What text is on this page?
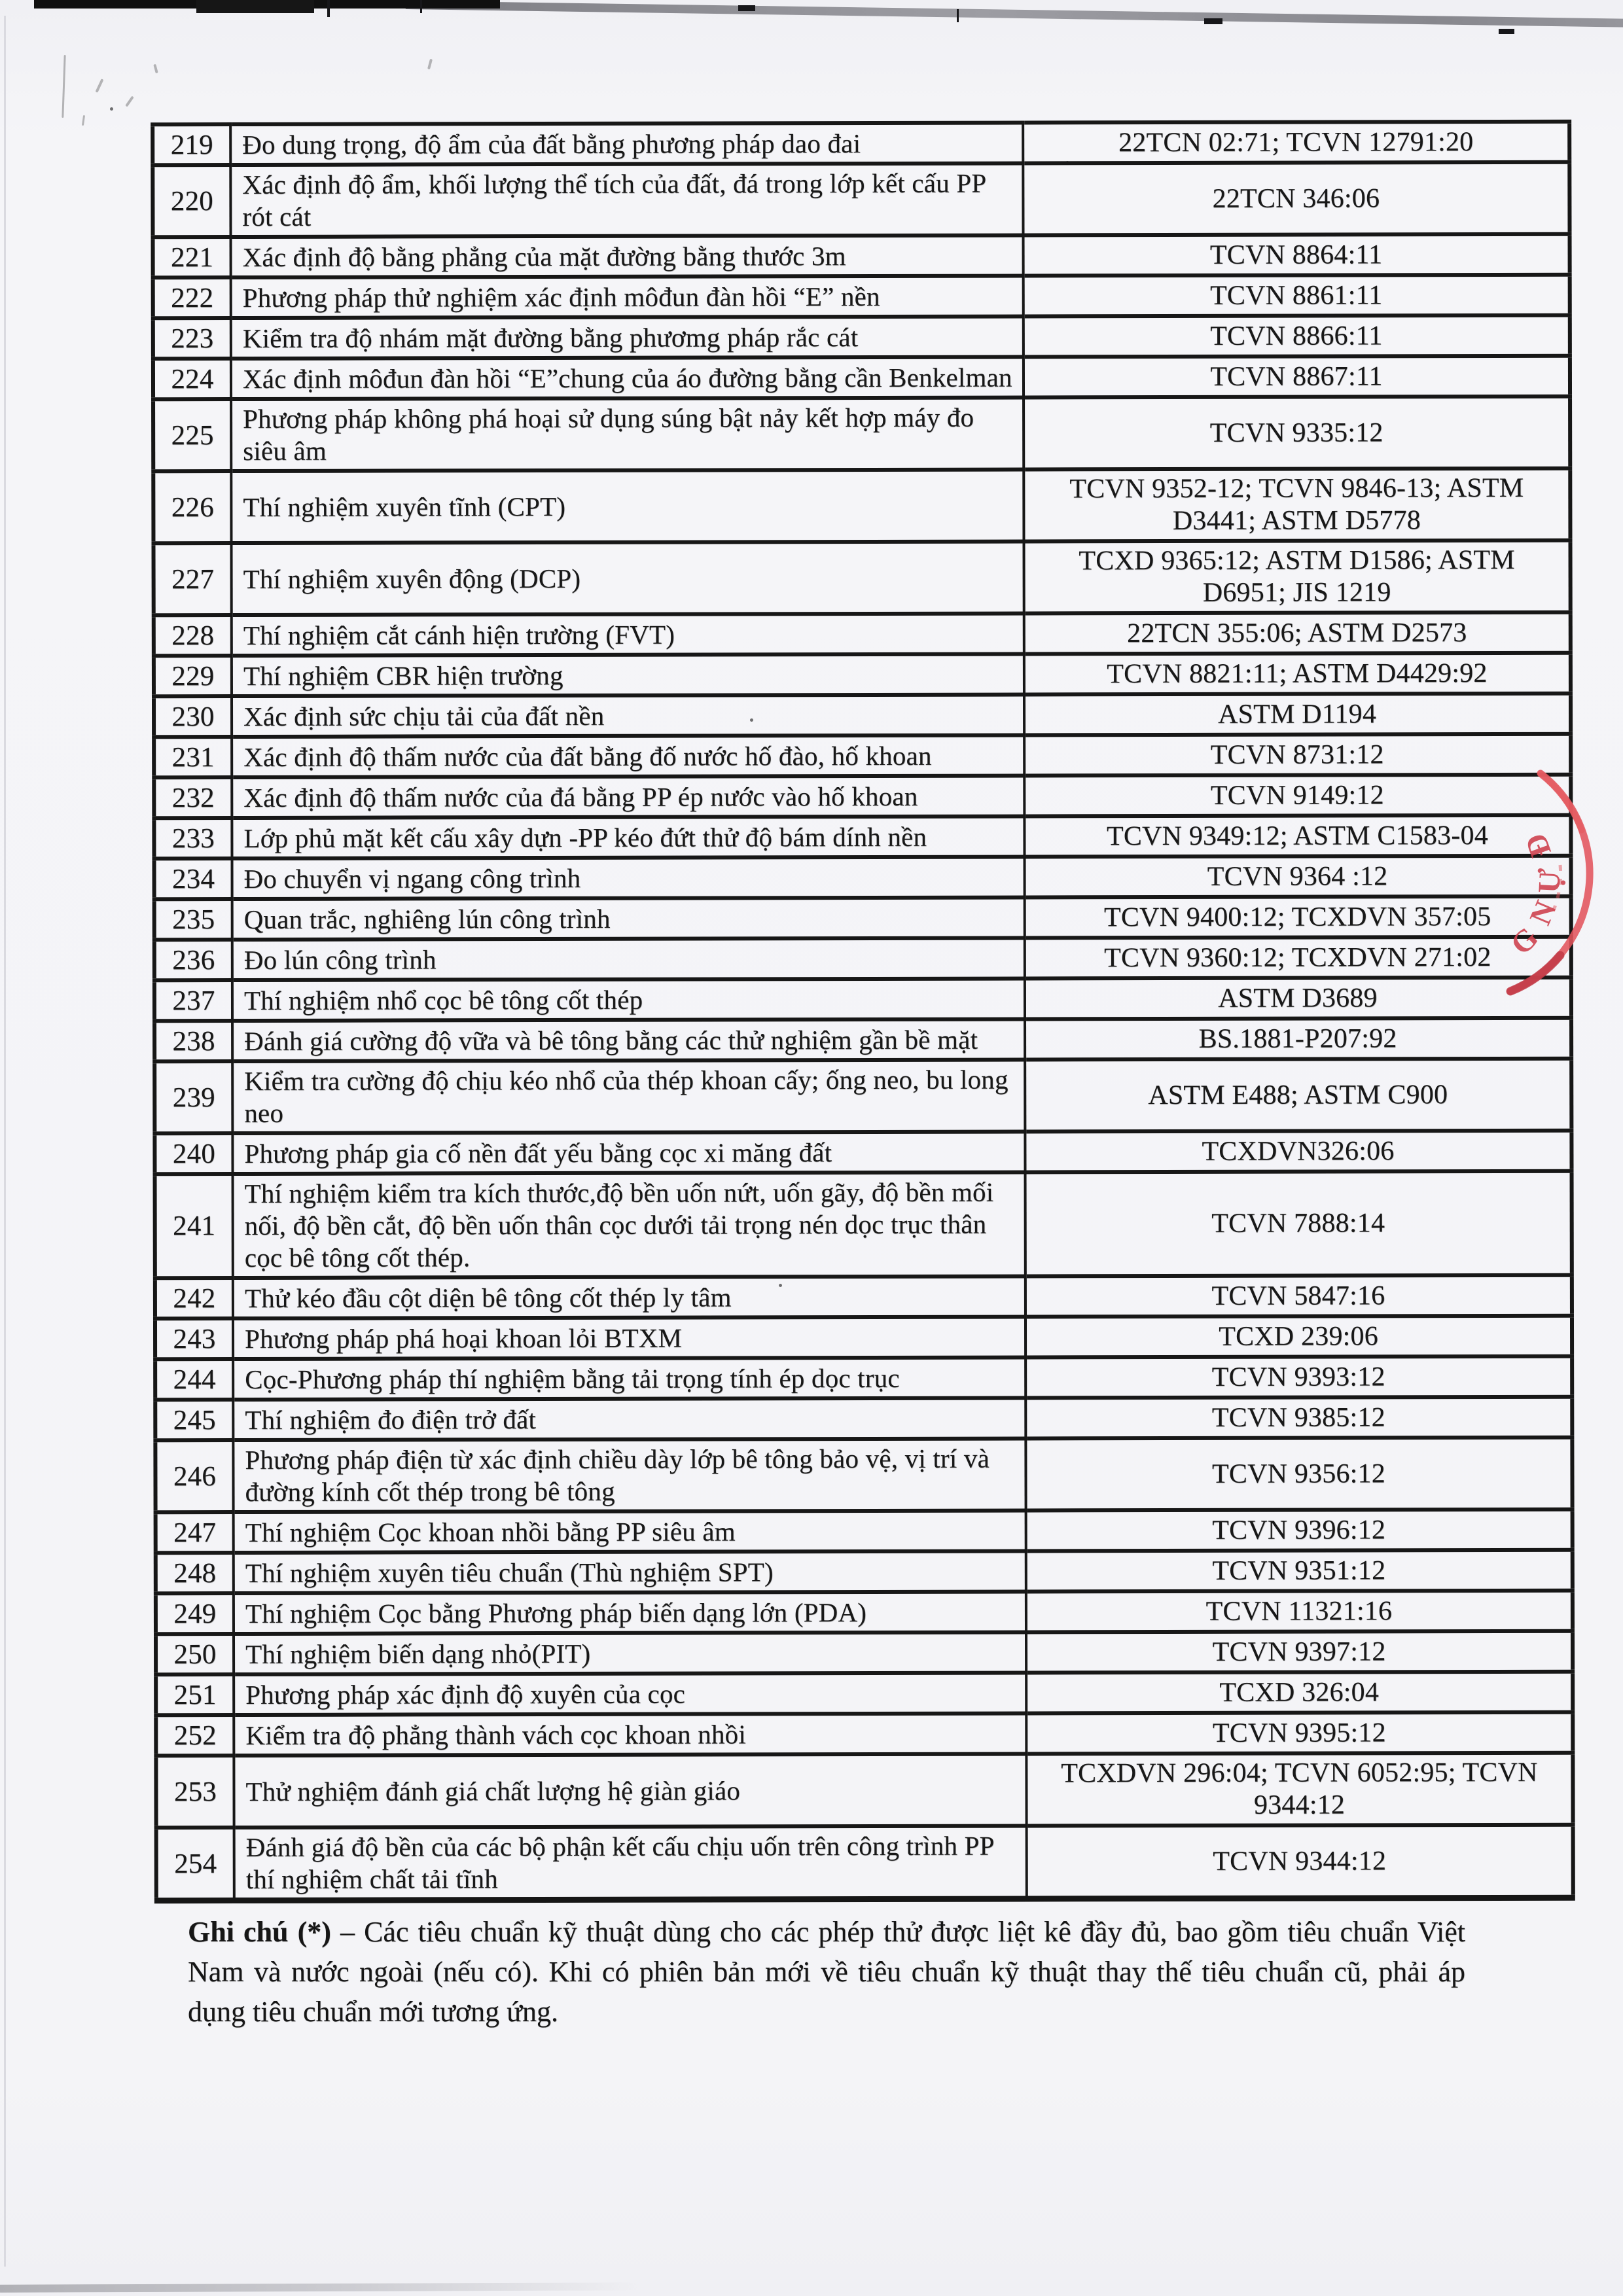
219	Đo dung trọng, độ ẩm của đất bằng phương pháp dao đai	22TCN 02:71; TCVN 12791:20
220	Xác định độ ẩm, khối lượng thể tích của đất, đá trong lớp kết cấu PP rót cát	22TCN 346:06
221	Xác định độ bằng phẳng của mặt đường bằng thước 3m	TCVN 8864:11
222	Phương pháp thử nghiệm xác định môđun đàn hồi “E” nền	TCVN 8861:11
223	Kiểm tra độ nhám mặt đường bằng phươmg pháp rắc cát	TCVN 8866:11
224	Xác định môđun đàn hồi “E”chung của áo đường bằng cần Benkelman	TCVN 8867:11
225	Phương pháp không phá hoại sử dụng súng bật nảy kết hợp máy đo siêu âm	TCVN 9335:12
226	Thí nghiệm xuyên tĩnh (CPT)	TCVN 9352-12; TCVN 9846-13; ASTM D3441; ASTM D5778
227	Thí nghiệm xuyên động (DCP)	TCXD 9365:12; ASTM D1586; ASTM D6951; JIS 1219
228	Thí nghiệm cắt cánh hiện trường (FVT)	22TCN 355:06; ASTM D2573
229	Thí nghiệm CBR hiện trường	TCVN 8821:11; ASTM D4429:92
230	Xác định sức chịu tải của đất nền	ASTM D1194
231	Xác định độ thấm nước của đất bằng đố nước hố đào, hố khoan	TCVN 8731:12
232	Xác định độ thấm nước của đá bằng PP ép nước vào hố khoan	TCVN 9149:12
233	Lớp phủ mặt kết cấu xây dựn -PP kéo đứt thử độ bám dính nền	TCVN 9349:12; ASTM C1583-04
234	Đo chuyển vị ngang công trình	TCVN 9364 :12
235	Quan trắc, nghiêng lún công trình	TCVN 9400:12; TCXDVN 357:05
236	Đo lún công trình	TCVN 9360:12; TCXDVN 271:02
237	Thí nghiệm nhổ cọc bê tông cốt thép	ASTM D3689
238	Đánh giá cường độ vữa và bê tông bằng các thử nghiệm gần bề mặt	BS.1881-P207:92
239	Kiểm tra cường độ chịu kéo nhổ của thép khoan cấy; ống neo, bu long neo	ASTM E488; ASTM C900
240	Phương pháp gia cố nền đất yếu bằng cọc xi măng đất	TCXDVN326:06
241	Thí nghiệm kiểm tra kích thước,độ bền uốn nứt, uốn gãy, độ bền mối nối, độ bền cắt, độ bền uốn thân cọc dưới tải trọng nén dọc trục thân cọc bê tông cốt thép.	TCVN 7888:14
242	Thử kéo đầu cột diện bê tông cốt thép ly tâm	TCVN 5847:16
243	Phương pháp phá hoại khoan lỏi BTXM	TCXD 239:06
244	Cọc-Phương pháp thí nghiệm bằng tải trọng tính ép dọc trục	TCVN 9393:12
245	Thí nghiệm đo điện trở đất	TCVN 9385:12
246	Phương pháp điện từ xác định chiều dày lớp bê tông bảo vệ, vị trí và đường kính cốt thép trong bê tông	TCVN 9356:12
247	Thí nghiệm Cọc khoan nhồi bằng PP siêu âm	TCVN 9396:12
248	Thí nghiệm xuyên tiêu chuẩn (Thù nghiệm SPT)	TCVN 9351:12
249	Thí nghiệm Cọc bằng Phương pháp biến dạng lớn (PDA)	TCVN 11321:16
250	Thí nghiệm biến dạng nhỏ(PIT)	TCVN 9397:12
251	Phương pháp xác định độ xuyên của cọc	TCXD 326:04
252	Kiểm tra độ phẳng thành vách cọc khoan nhồi	TCVN 9395:12
253	Thử nghiệm đánh giá chất lượng hệ giàn giáo	TCXDVN 296:04; TCVN 6052:95; TCVN 9344:12
254	Đánh giá độ bền của các bộ phận kết cấu chịu uốn trên công trình PP thí nghiệm chất tải tĩnh	TCVN 9344:12

Ghi chú (*) – Các tiêu chuẩn kỹ thuật dùng cho các phép thử được liệt kê đầy đủ, bao gồm tiêu chuẩn Việt Nam và nước ngoài (nếu có). Khi có phiên bản mới về tiêu chuẩn kỹ thuật thay thế tiêu chuẩn cũ, phải áp dụng tiêu chuẩn mới tương ứng.

Đ
Ự
N
G
